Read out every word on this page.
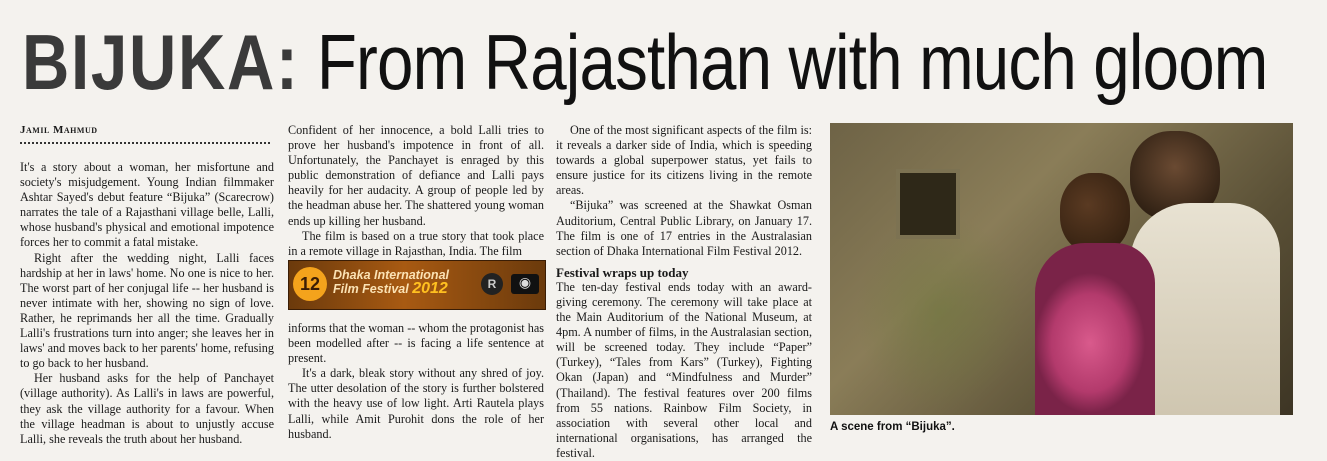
BIJUKA: From Rajasthan with much gloom
Jamil Mahmud

It's a story about a woman, her misfortune and society's misjudgement. Young Indian filmmaker Ashtar Sayed's debut feature “Bijuka” (Scarecrow) narrates the tale of a Rajasthani village belle, Lalli, whose husband's physical and emotional impotence forces her to commit a fatal mistake.

Right after the wedding night, Lalli faces hardship at her in laws' home. No one is nice to her. The worst part of her conjugal life -- her husband is never intimate with her, showing no sign of love. Rather, he reprimands her all the time. Gradually Lalli's frustrations turn into anger; she leaves her in laws' and moves back to her parents' home, refusing to go back to her husband.

Her husband asks for the help of Panchayet (village authority). As Lalli's in laws are powerful, they ask the village authority for a favour. When the village headman is about to unjustly accuse Lalli, she reveals the truth about her husband.

Confident of her innocence, a bold Lalli tries to prove her husband's impotence in front of all. Unfortunately, the Panchayet is enraged by this public demonstration of defiance and Lalli pays heavily for her audacity. A group of people led by the headman abuse her. The shattered young woman ends up killing her husband.

The film is based on a true story that took place in a remote village in Rajasthan, India. The film

12	Dhaka International
Film Festival 2012	R	◉

informs that the woman -- whom the protagonist has been modelled after -- is facing a life sentence at present.

It's a dark, bleak story without any shred of joy. The utter desolation of the story is further bolstered with the heavy use of low light. Arti Rautela plays Lalli, while Amit Purohit dons the role of her husband.

One of the most significant aspects of the film is: it reveals a darker side of India, which is speeding towards a global superpower status, yet fails to ensure justice for its citizens living in the remote areas.

“Bijuka” was screened at the Shawkat Osman Auditorium, Central Public Library, on January 17. The film is one of 17 entries in the Australasian section of Dhaka International Film Festival 2012.

Festival wraps up today

The ten-day festival ends today with an award-giving ceremony. The ceremony will take place at the Main Auditorium of the National Museum, at 4pm. A number of films, in the Australasian section, will be screened today. They include “Paper” (Turkey), “Tales from Kars” (Turkey), Fighting Okan (Japan) and “Mindfulness and Murder” (Thailand). The festival features over 200 films from 55 nations. Rainbow Film Society, in association with several other local and international organisations, has arranged the festival.

A scene from “Bijuka”.
